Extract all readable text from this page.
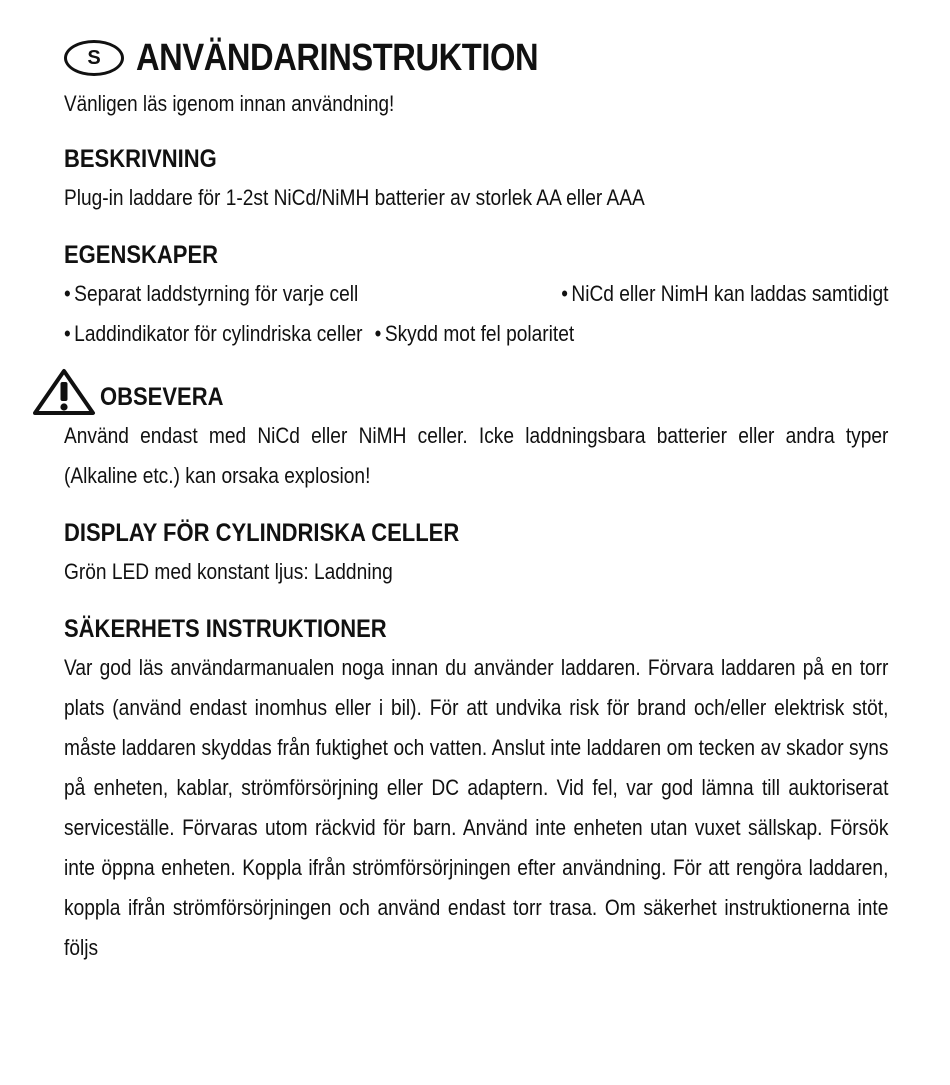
S ANVÄNDARINSTRUKTION
Vänligen läs igenom innan användning!
BESKRIVNING
Plug-in laddare för 1-2st NiCd/NiMH batterier av storlek AA eller AAA
EGENSKAPER
• Separat laddstyrning för varje cell	• NiCd eller NimH kan laddas samtidigt
• Laddindikator för cylindriska celler • Skydd mot fel polaritet
OBSEVERA
Använd endast med NiCd eller NiMH celler. Icke laddningsbara batterier eller andra typer (Alkaline etc.) kan orsaka explosion!
DISPLAY FÖR CYLINDRISKA CELLER
Grön LED med konstant ljus: Laddning
SÄKERHETS INSTRUKTIONER
Var god läs användarmanualen noga innan du använder laddaren. Förvara laddaren på en torr plats (använd endast inomhus eller i bil). För att undvika risk för brand och/eller elektrisk stöt, måste laddaren skyddas från fuktighet och vatten. Anslut inte laddaren om tecken av skador syns på enheten, kablar, strömförsörjning eller DC adaptern. Vid fel, var god lämna till auktoriserat serviceställe. Förvaras utom räckvid för barn. Använd inte enheten utan vuxet sällskap. Försök inte öppna enheten. Koppla ifrån strömförsörjningen efter användning. För att rengöra laddaren, koppla ifrån strömförsörjningen och använd endast torr trasa. Om säkerhet instruktionerna inte följs
